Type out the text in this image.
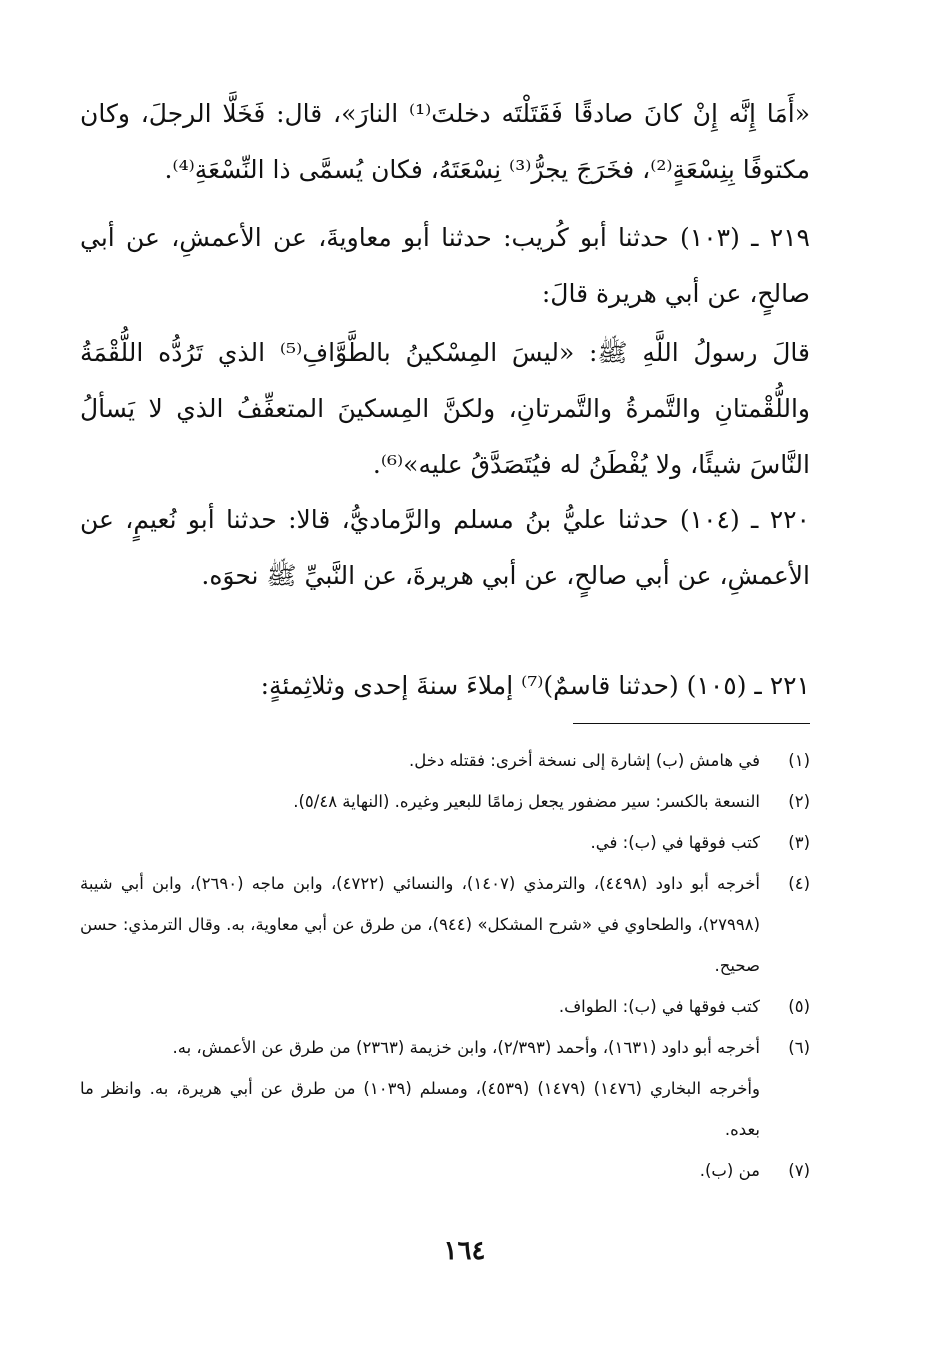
«أَمَا إِنَّه إِنْ كانَ صادقًا فَقَتَلْتَه دخلتَ⁽¹⁾ النارَ»، قال: فَخَلَّا الرجلَ، وكان مكتوفًا بِنِسْعَةٍ⁽²⁾، فخَرَجَ يجرُّ⁽³⁾ نِسْعَتَهُ، فكان يُسمَّى ذا النِّسْعَةِ⁽⁴⁾.

٢١٩ ـ (١٠٣) حدثنا أبو كُريب: حدثنا أبو معاويةَ، عن الأعمشِ، عن أبي صالحٍ، عن أبي هريرة قالَ:

قالَ رسولُ اللَّهِ ﷺ: «ليسَ المِسْكينُ بالطَّوَّافِ⁽⁵⁾ الذي تَرُدُّه اللُّقْمَةُ واللُّقْمتانِ والتَّمرةُ والتَّمرتانِ، ولكنَّ المِسكينَ المتعفِّفُ الذي لا يَسألُ النَّاسَ شيئًا، ولا يُفْطَنُ له فيُتَصَدَّقُ عليه»⁽⁶⁾.

٢٢٠ ـ (١٠٤) حدثنا عليُّ بنُ مسلم والرَّماديُّ، قالا: حدثنا أبو نُعيمٍ، عن الأعمشِ، عن أبي صالحٍ، عن أبي هريرةَ، عن النَّبيِّ ﷺ نحوَه.

٢٢١ ـ (١٠٥) (حدثنا قاسمٌ)⁽⁷⁾ إملاءَ سنةَ إحدى وثلاثِمئةٍ:

(١)
في هامش (ب) إشارة إلى نسخة أخرى: فقتله دخل.
(٢)
النسعة بالكسر: سير مضفور يجعل زمامًا للبعير وغيره. (النهاية ٥/٤٨).
(٣)
كتب فوقها في (ب): في.
(٤)
أخرجه أبو داود (٤٤٩٨)، والترمذي (١٤٠٧)، والنسائي (٤٧٢٢)، وابن ماجه (٢٦٩٠)، وابن أبي شيبة (٢٧٩٩٨)، والطحاوي في «شرح المشكل» (٩٤٤)، من طرق عن أبي معاوية، به. وقال الترمذي: حسن صحيح.
(٥)
كتب فوقها في (ب): الطواف.
(٦)
أخرجه أبو داود (١٦٣١)، وأحمد (٢/٣٩٣)، وابن خزيمة (٢٣٦٣) من طرق عن الأعمش، به.
وأخرجه البخاري (١٤٧٦) (١٤٧٩) (٤٥٣٩)، ومسلم (١٠٣٩) من طرق عن أبي هريرة، به. وانظر ما بعده.
(٧)
من (ب).
١٦٤
